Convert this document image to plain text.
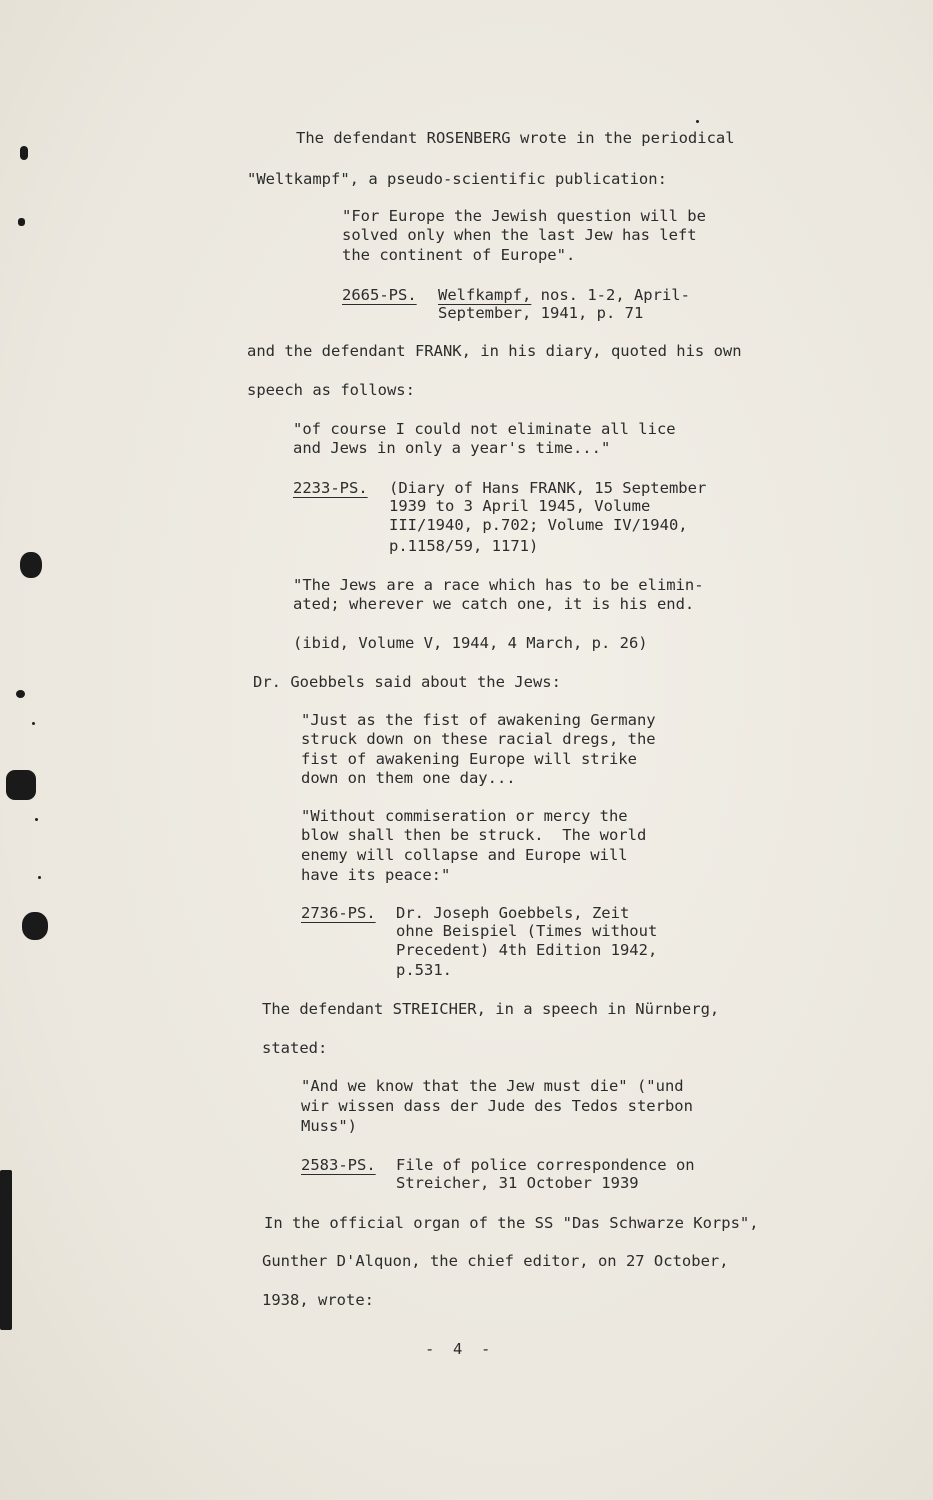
The defendant ROSENBERG wrote in the periodical
"Weltkampf", a pseudo-scientific publication:
"For Europe the Jewish question will be
solved only when the last Jew has left
the continent of Europe".
2665-PS. Welfkampf, nos. 1-2, April-
September, 1941, p. 71
and the defendant FRANK, in his diary, quoted his own
speech as follows:
"of course I could not eliminate all lice
and Jews in only a year's time..."
2233-PS. (Diary of Hans FRANK, 15 September
1939 to 3 April 1945, Volume
III/1940, p.702; Volume IV/1940,
p.1158/59, 1171)
"The Jews are a race which has to be elimin-
ated; wherever we catch one, it is his end.
(ibid, Volume V, 1944, 4 March, p. 26)
Dr. Goebbels said about the Jews:
"Just as the fist of awakening Germany
struck down on these racial dregs, the
fist of awakening Europe will strike
down on them one day...
"Without commiseration or mercy the
blow shall then be struck.  The world
enemy will collapse and Europe will
have its peace:"
2736-PS. Dr. Joseph Goebbels, Zeit
ohne Beispiel (Times without
Precedent) 4th Edition 1942,
p.531.
The defendant STREICHER, in a speech in Nürnberg,
stated:
"And we know that the Jew must die" ("und
wir wissen dass der Jude des Tedos sterbon
Muss")
2583-PS. File of police correspondence on
Streicher, 31 October 1939
In the official organ of the SS "Das Schwarze Korps",
Gunther D'Alquon, the chief editor, on 27 October,
1938, wrote:
-  4  -
